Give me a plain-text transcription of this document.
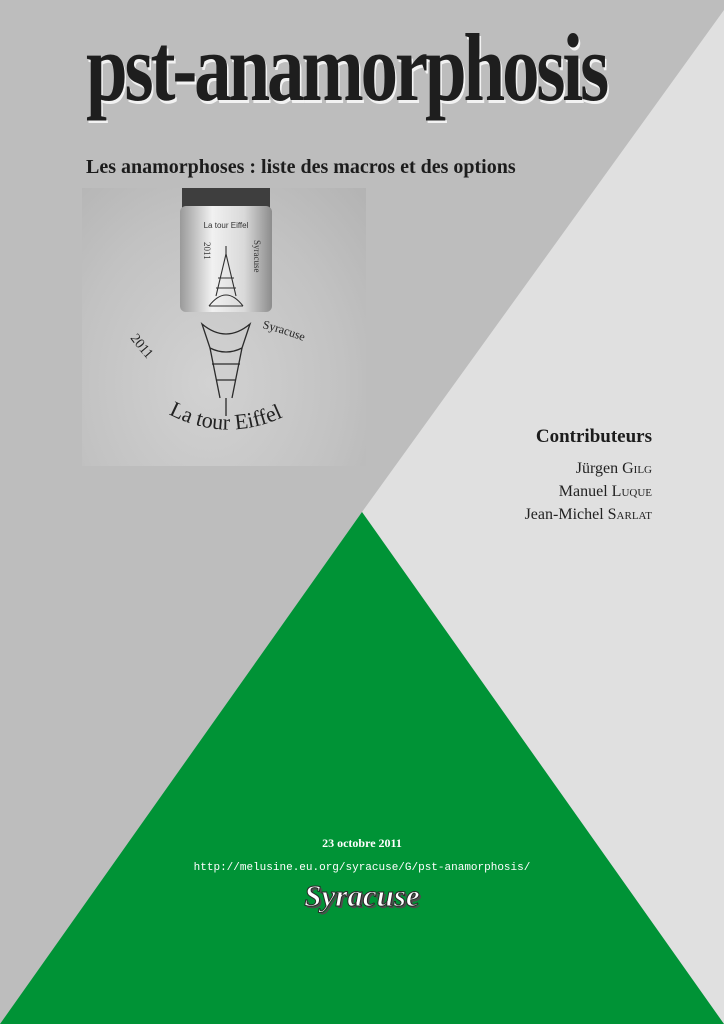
pst-anamorphosis

Les anamorphoses : liste des macros et des options

La tour Eiffel
2011	Syracuse
La tour Eiffel
2011
Syracuse
Contributeurs
Jürgen Gilg
Manuel Luque
Jean-Michel Sarlat
23 octobre 2011
http://melusine.eu.org/syracuse/G/pst-anamorphosis/
Syracuse
